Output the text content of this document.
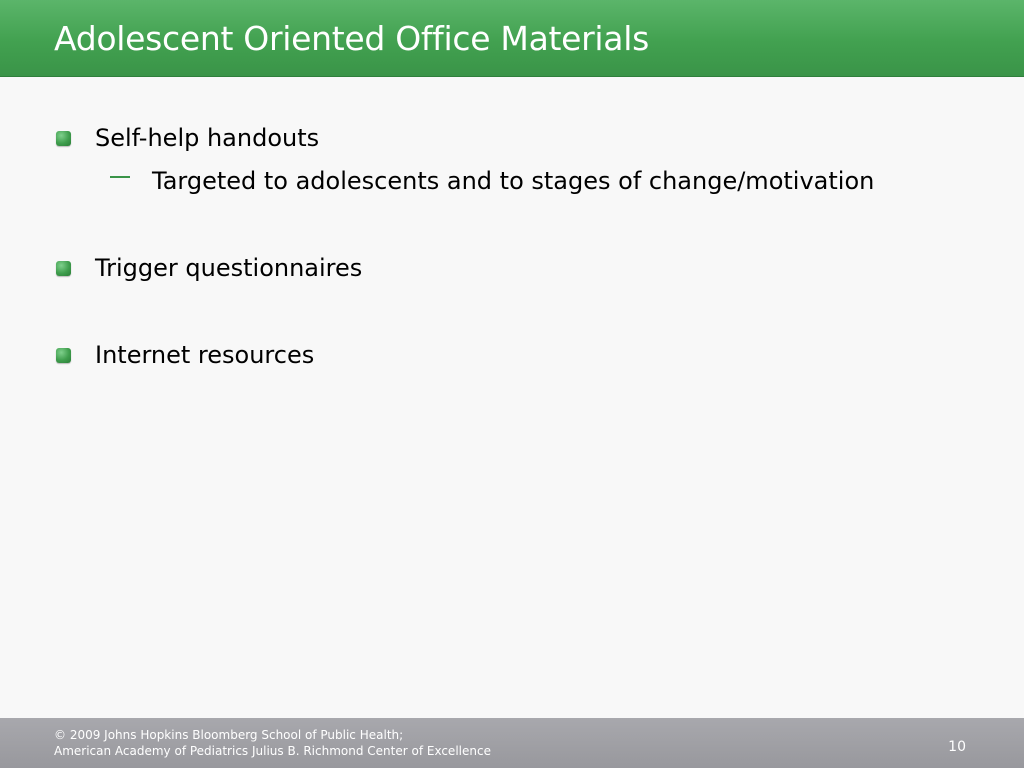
Adolescent Oriented Office Materials
Self-help handouts
Targeted to adolescents and to stages of change/motivation
Trigger questionnaires
Internet resources
© 2009 Johns Hopkins Bloomberg School of Public Health;
American Academy of Pediatrics Julius B. Richmond Center of Excellence	10
